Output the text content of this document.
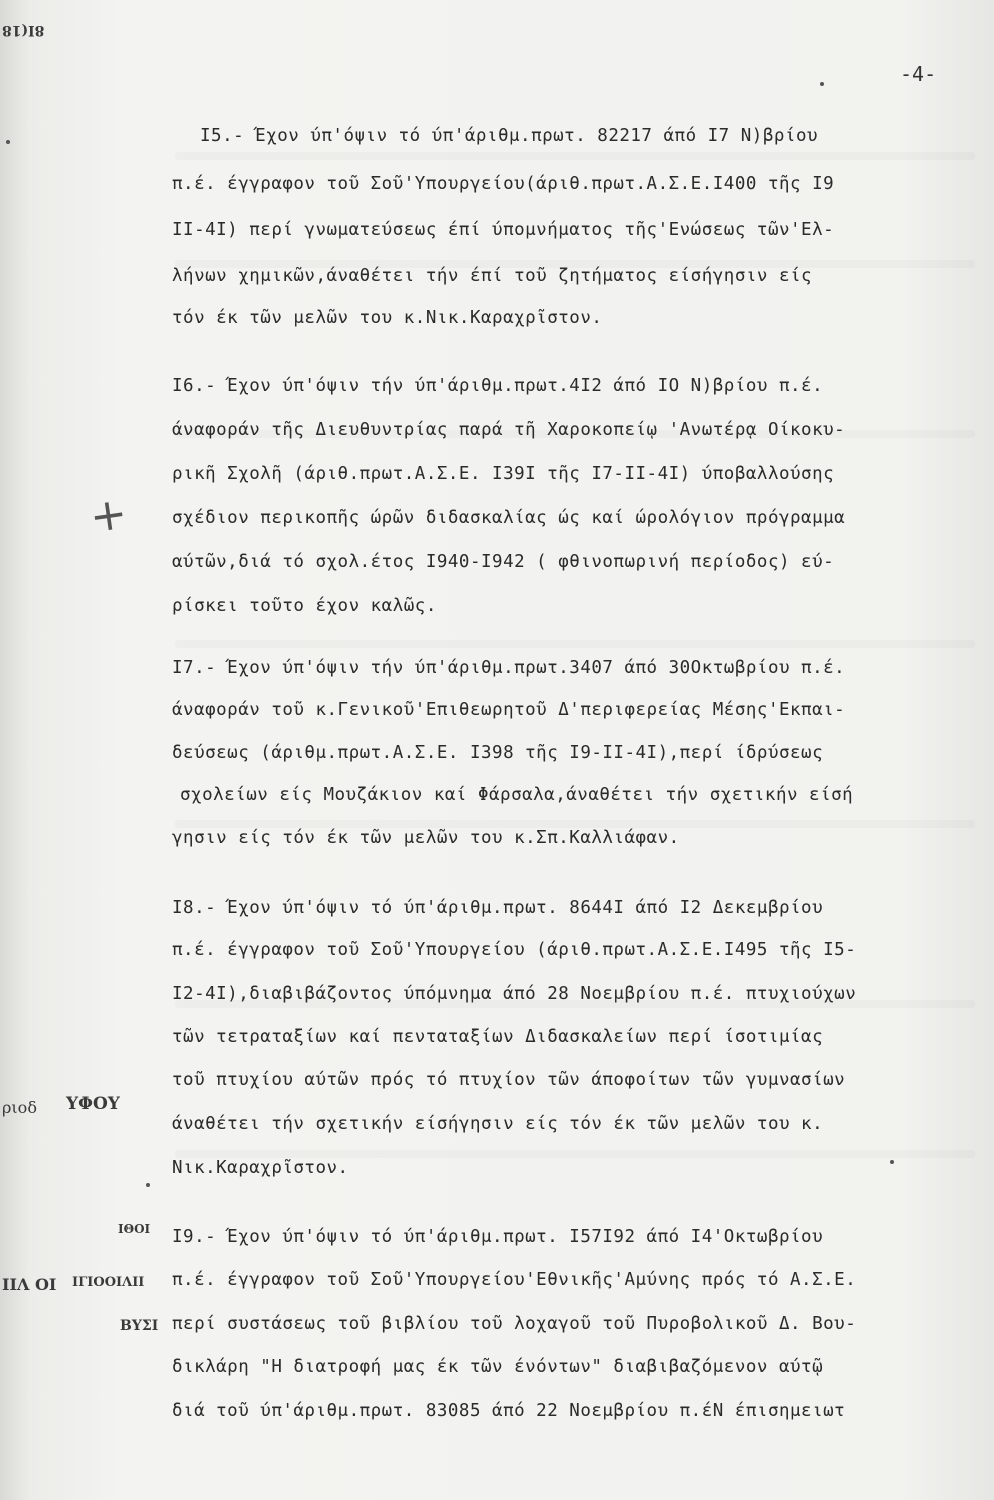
8I(18
ριοδ ΥΦΟΥ
ΙΘΟΙ
ΙΙΛ ΟΙ ΙΓΙΟΟΙΛΙΙ
ΒΥΣΙ
+
-4-
I5.- Έχον ύπ'όψιν τό ύπ'άριθμ.πρωτ. 82217 άπό I7 Ν)βρίου
π.έ. έγγραφον τοῦ Σοῦ'Υπουργείου(άριθ.πρωτ.Α.Σ.Ε.I400 τῆς I9
II-4I) περί γνωματεύσεως έπί ύπομνήματος τῆς'Ενώσεως τῶν'Ελ-
λήνων χημικῶν,άναθέτει τήν έπί τοῦ ζητήματος είσήγησιν είς
τόν έκ τῶν μελῶν του κ.Νικ.Καραχρῖστον.
I6.- Έχον ύπ'όψιν τήν ύπ'άριθμ.πρωτ.4I2 άπό IO Ν)βρίου π.έ.
άναφοράν τῆς Διευθυντρίας παρά τῆ Χαροκοπείῳ 'Ανωτέρᾳ Οίκοκυ-
ρικῆ Σχολῆ (άριθ.πρωτ.Α.Σ.Ε. I39I τῆς I7-II-4I) ύποβαλλούσης
σχέδιον περικοπῆς ώρῶν διδασκαλίας ώς καί ώρολόγιον πρόγραμμα
αύτῶν,διά τό σχολ.έτος I940-I942 ( φθινοπωρινή περίοδος) εύ-
ρίσκει τοῦτο έχον καλῶς.
I7.- Έχον ύπ'όψιν τήν ύπ'άριθμ.πρωτ.3407 άπό 30Οκτωβρίου π.έ.
άναφοράν τοῦ κ.Γενικοῦ'Επιθεωρητοῦ Δ'περιφερείας Μέσης'Εκπαι-
δεύσεως (άριθμ.πρωτ.Α.Σ.Ε. I398 τῆς I9-II-4I),περί ίδρύσεως
σχολείων είς Μουζάκιον καί Φάρσαλα,άναθέτει τήν σχετικήν είσή
γησιν είς τόν έκ τῶν μελῶν του κ.Σπ.Καλλιάφαν.
I8.- Έχον ύπ'όψιν τό ύπ'άριθμ.πρωτ. 8644I άπό I2 Δεκεμβρίου
π.έ. έγγραφον τοῦ Σοῦ'Υπουργείου (άριθ.πρωτ.Α.Σ.Ε.I495 τῆς I5-
I2-4I),διαβιβάζοντος ύπόμνημα άπό 28 Νοεμβρίου π.έ. πτυχιούχων
τῶν τετραταξίων καί πενταταξίων Διδασκαλείων περί ίσοτιμίας
τοῦ πτυχίου αύτῶν πρός τό πτυχίον τῶν άποφοίτων τῶν γυμνασίων
άναθέτει τήν σχετικήν είσήγησιν είς τόν έκ τῶν μελῶν του κ.
Νικ.Καραχρῖστον.
I9.- Έχον ύπ'όψιν τό ύπ'άριθμ.πρωτ. I57I92 άπό I4'Οκτωβρίου
π.έ. έγγραφον τοῦ Σοῦ'Υπουργείου'Εθνικῆς'Αμύνης πρός τό Α.Σ.Ε.
περί συστάσεως τοῦ βιβλίου τοῦ λοχαγοῦ τοῦ Πυροβολικοῦ Δ. Βου-
δικλάρη "Η διατροφή μας έκ τῶν ένόντων" διαβιβαζόμενον αύτῷ
διά τοῦ ύπ'άριθμ.πρωτ. 83085 άπό 22 Νοεμβρίου π.έΝ έπισημειωτ
